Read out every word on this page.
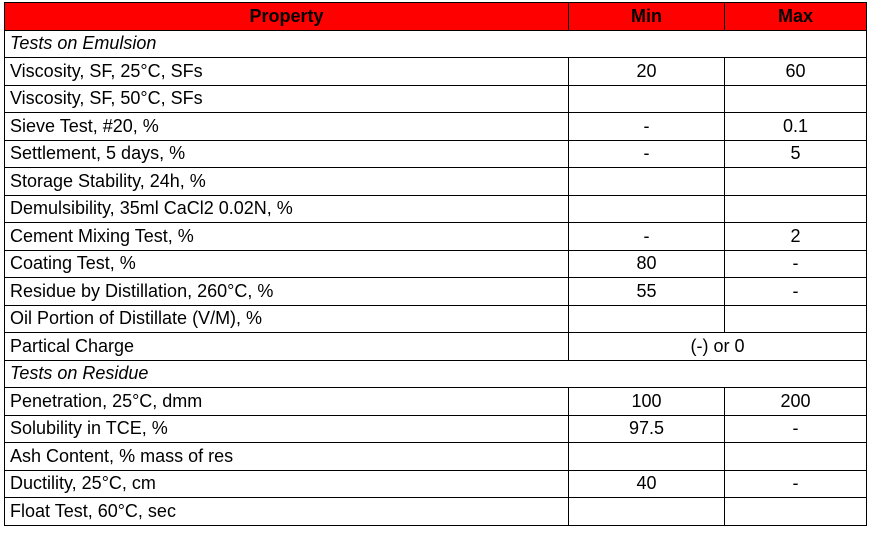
Property	Min	Max
Tests on Emulsion		
Viscosity, SF, 25°C, SFs	20	60
Viscosity, SF, 50°C, SFs		
Sieve Test, #20, %	-	0.1
Settlement, 5 days, %	-	5
Storage Stability, 24h, %		
Demulsibility, 35ml CaCl2 0.02N, %		
Cement Mixing Test, %	-	2
Coating Test, %	80	-
Residue by Distillation, 260°C, %	55	-
Oil Portion of Distillate (V/M), %		
Partical Charge	(-) or 0	
Tests on Residue		
Penetration, 25°C, dmm	100	200
Solubility in TCE, %	97.5	-
Ash Content, % mass of res		
Ductility, 25°C, cm	40	-
Float Test, 60°C, sec		
